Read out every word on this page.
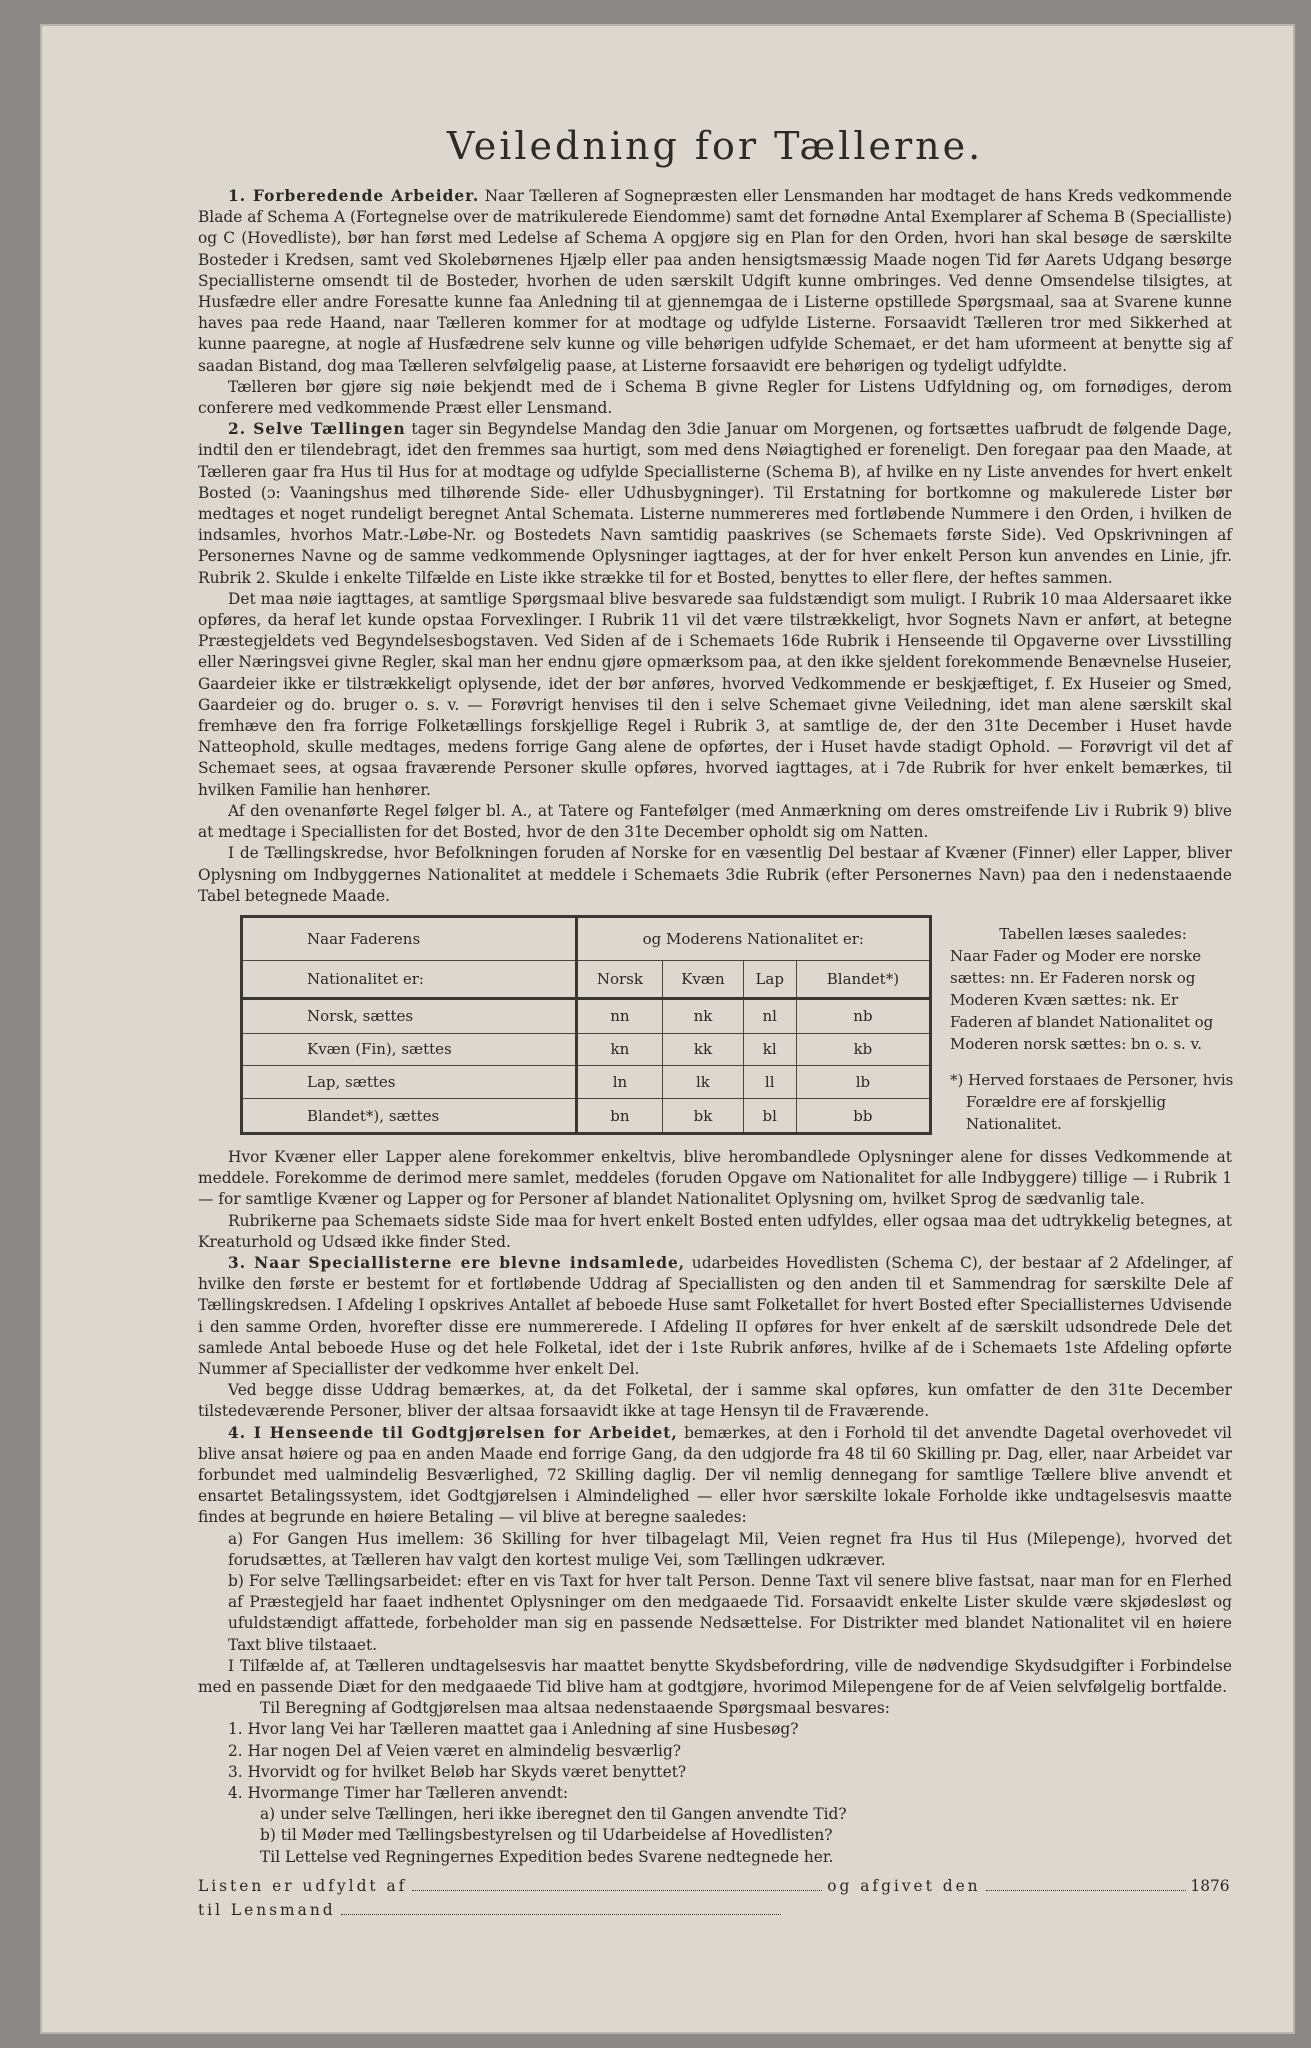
Veiledning for Tællerne.

1. Forberedende Arbeider. Naar Tælleren af Sognepræsten eller Lensmanden har modtaget de hans Kreds vedkommende Blade af Schema A (Fortegnelse over de matrikulerede Eiendomme) samt det fornødne Antal Exemplarer af Schema B (Specialliste) og C (Hovedliste), bør han først med Ledelse af Schema A opgjøre sig en Plan for den Orden, hvori han skal besøge de særskilte Bosteder i Kredsen, samt ved Skolebørnenes Hjælp eller paa anden hensigtsmæssig Maade nogen Tid før Aarets Udgang besørge Speciallisterne omsendt til de Bosteder, hvorhen de uden særskilt Udgift kunne ombringes. Ved denne Omsendelse tilsigtes, at Husfædre eller andre Foresatte kunne faa Anledning til at gjennemgaa de i Listerne opstillede Spørgsmaal, saa at Svarene kunne haves paa rede Haand, naar Tælleren kommer for at modtage og udfylde Listerne. Forsaavidt Tælleren tror med Sikkerhed at kunne paaregne, at nogle af Husfædrene selv kunne og ville behørigen udfylde Schemaet, er det ham uformeent at benytte sig af saadan Bistand, dog maa Tælleren selvfølgelig paase, at Listerne forsaavidt ere behørigen og tydeligt udfyldte.

Tælleren bør gjøre sig nøie bekjendt med de i Schema B givne Regler for Listens Udfyldning og, om fornødiges, derom conferere med vedkommende Præst eller Lensmand.

2. Selve Tællingen tager sin Begyndelse Mandag den 3die Januar om Morgenen, og fortsættes uafbrudt de følgende Dage, indtil den er tilendebragt, idet den fremmes saa hurtigt, som med dens Nøiagtighed er foreneligt. Den foregaar paa den Maade, at Tælleren gaar fra Hus til Hus for at modtage og udfylde Speciallisterne (Schema B), af hvilke en ny Liste anvendes for hvert enkelt Bosted (ɔ: Vaaningshus med tilhørende Side- eller Udhusbygninger). Til Erstatning for bortkomne og makulerede Lister bør medtages et noget rundeligt beregnet Antal Schemata. Listerne nummereres med fortløbende Nummere i den Orden, i hvilken de indsamles, hvorhos Matr.-Løbe-Nr. og Bostedets Navn samtidig paaskrives (se Schemaets første Side). Ved Opskrivningen af Personernes Navne og de samme vedkommende Oplysninger iagttages, at der for hver enkelt Person kun anvendes en Linie, jfr. Rubrik 2. Skulde i enkelte Tilfælde en Liste ikke strække til for et Bosted, benyttes to eller flere, der heftes sammen.

Det maa nøie iagttages, at samtlige Spørgsmaal blive besvarede saa fuldstændigt som muligt. I Rubrik 10 maa Aldersaaret ikke opføres, da heraf let kunde opstaa Forvexlinger. I Rubrik 11 vil det være tilstrækkeligt, hvor Sognets Navn er anført, at betegne Præstegjeldets ved Begyndelsesbogstaven. Ved Siden af de i Schemaets 16de Rubrik i Henseende til Opgaverne over Livsstilling eller Næringsvei givne Regler, skal man her endnu gjøre opmærksom paa, at den ikke sjeldent forekommende Benævnelse Huseier, Gaardeier ikke er tilstrækkeligt oplysende, idet der bør anføres, hvorved Vedkommende er beskjæftiget, f. Ex Huseier og Smed, Gaardeier og do. bruger o. s. v. — Forøvrigt henvises til den i selve Schemaet givne Veiledning, idet man alene særskilt skal fremhæve den fra forrige Folketællings forskjellige Regel i Rubrik 3, at samtlige de, der den 31te December i Huset havde Natteophold, skulle medtages, medens forrige Gang alene de opførtes, der i Huset havde stadigt Ophold. — Forøvrigt vil det af Schemaet sees, at ogsaa fraværende Personer skulle opføres, hvorved iagttages, at i 7de Rubrik for hver enkelt bemærkes, til hvilken Familie han henhører.

Af den ovenanførte Regel følger bl. A., at Tatere og Fantefølger (med Anmærkning om deres omstreifende Liv i Rubrik 9) blive at medtage i Speciallisten for det Bosted, hvor de den 31te December opholdt sig om Natten.

I de Tællingskredse, hvor Befolkningen foruden af Norske for en væsentlig Del bestaar af Kvæner (Finner) eller Lapper, bliver Oplysning om Indbyggernes Nationalitet at meddele i Schemaets 3die Rubrik (efter Personernes Navn) paa den i nedenstaaende Tabel betegnede Maade.

Naar Faderens	og Moderens Nationalitet er:			
Nationalitet er:	Norsk	Kvæn	Lap	Blandet*)
Norsk, sættes	nn	nk	nl	nb
Kvæn (Fin), sættes	kn	kk	kl	kb
Lap, sættes	ln	lk	ll	lb
Blandet*), sættes	bn	bk	bl	bb

Tabellen læses saaledes:

Naar Fader og Moder ere norske sættes: nn. Er Faderen norsk og Moderen Kvæn sættes: nk. Er Faderen af blandet Nationalitet og Moderen norsk sættes: bn o. s. v.

*) Herved forstaaes de Personer, hvis Forældre ere af forskjellig Nationalitet.

Hvor Kvæner eller Lapper alene forekommer enkeltvis, blive herombandlede Oplysninger alene for disses Vedkommende at meddele. Forekomme de derimod mere samlet, meddeles (foruden Opgave om Nationalitet for alle Indbyggere) tillige — i Rubrik 1 — for samtlige Kvæner og Lapper og for Personer af blandet Nationalitet Oplysning om, hvilket Sprog de sædvanlig tale.

Rubrikerne paa Schemaets sidste Side maa for hvert enkelt Bosted enten udfyldes, eller ogsaa maa det udtrykkelig betegnes, at Kreaturhold og Udsæd ikke finder Sted.

3. Naar Speciallisterne ere blevne indsamlede, udarbeides Hovedlisten (Schema C), der bestaar af 2 Afdelinger, af hvilke den første er bestemt for et fortløbende Uddrag af Speciallisten og den anden til et Sammendrag for særskilte Dele af Tællingskredsen. I Afdeling I opskrives Antallet af beboede Huse samt Folketallet for hvert Bosted efter Speciallisternes Udvisende i den samme Orden, hvorefter disse ere nummererede. I Afdeling II opføres for hver enkelt af de særskilt udsondrede Dele det samlede Antal beboede Huse og det hele Folketal, idet der i 1ste Rubrik anføres, hvilke af de i Schemaets 1ste Afdeling opførte Nummer af Speciallister der vedkomme hver enkelt Del.

Ved begge disse Uddrag bemærkes, at, da det Folketal, der i samme skal opføres, kun omfatter de den 31te December tilstedeværende Personer, bliver der altsaa forsaavidt ikke at tage Hensyn til de Fraværende.

4. I Henseende til Godtgjørelsen for Arbeidet, bemærkes, at den i Forhold til det anvendte Dagetal overhovedet vil blive ansat høiere og paa en anden Maade end forrige Gang, da den udgjorde fra 48 til 60 Skilling pr. Dag, eller, naar Arbeidet var forbundet med ualmindelig Besværlighed, 72 Skilling daglig. Der vil nemlig dennegang for samtlige Tællere blive anvendt et ensartet Betalingssystem, idet Godtgjørelsen i Almindelighed — eller hvor særskilte lokale Forholde ikke undtagelsesvis maatte findes at begrunde en høiere Betaling — vil blive at beregne saaledes:

a) For Gangen Hus imellem: 36 Skilling for hver tilbagelagt Mil, Veien regnet fra Hus til Hus (Milepenge), hvorved det forudsættes, at Tælleren hav valgt den kortest mulige Vei, som Tællingen udkræver.

b) For selve Tællingsarbeidet: efter en vis Taxt for hver talt Person. Denne Taxt vil senere blive fastsat, naar man for en Flerhed af Præstegjeld har faaet indhentet Oplysninger om den medgaaede Tid. Forsaavidt enkelte Lister skulde være skjødesløst og ufuldstændigt affattede, forbeholder man sig en passende Nedsættelse. For Distrikter med blandet Nationalitet vil en høiere Taxt blive tilstaaet.

I Tilfælde af, at Tælleren undtagelsesvis har maattet benytte Skydsbefordring, ville de nødvendige Skydsudgifter i Forbindelse med en passende Diæt for den medgaaede Tid blive ham at godtgjøre, hvorimod Milepengene for de af Veien selvfølgelig bortfalde.

Til Beregning af Godtgjørelsen maa altsaa nedenstaaende Spørgsmaal besvares:

1. Hvor lang Vei har Tælleren maattet gaa i Anledning af sine Husbesøg?
2. Har nogen Del af Veien været en almindelig besværlig?
3. Hvorvidt og for hvilket Beløb har Skyds været benyttet?
4. Hvormange Timer har Tælleren anvendt:
a) under selve Tællingen, heri ikke iberegnet den til Gangen anvendte Tid?
b) til Møder med Tællingsbestyrelsen og til Udarbeidelse af Hovedlisten?

Til Lettelse ved Regningernes Expedition bedes Svarene nedtegnede her.

Listen er udfyldt af	og afgivet den	1876
til Lensmand
